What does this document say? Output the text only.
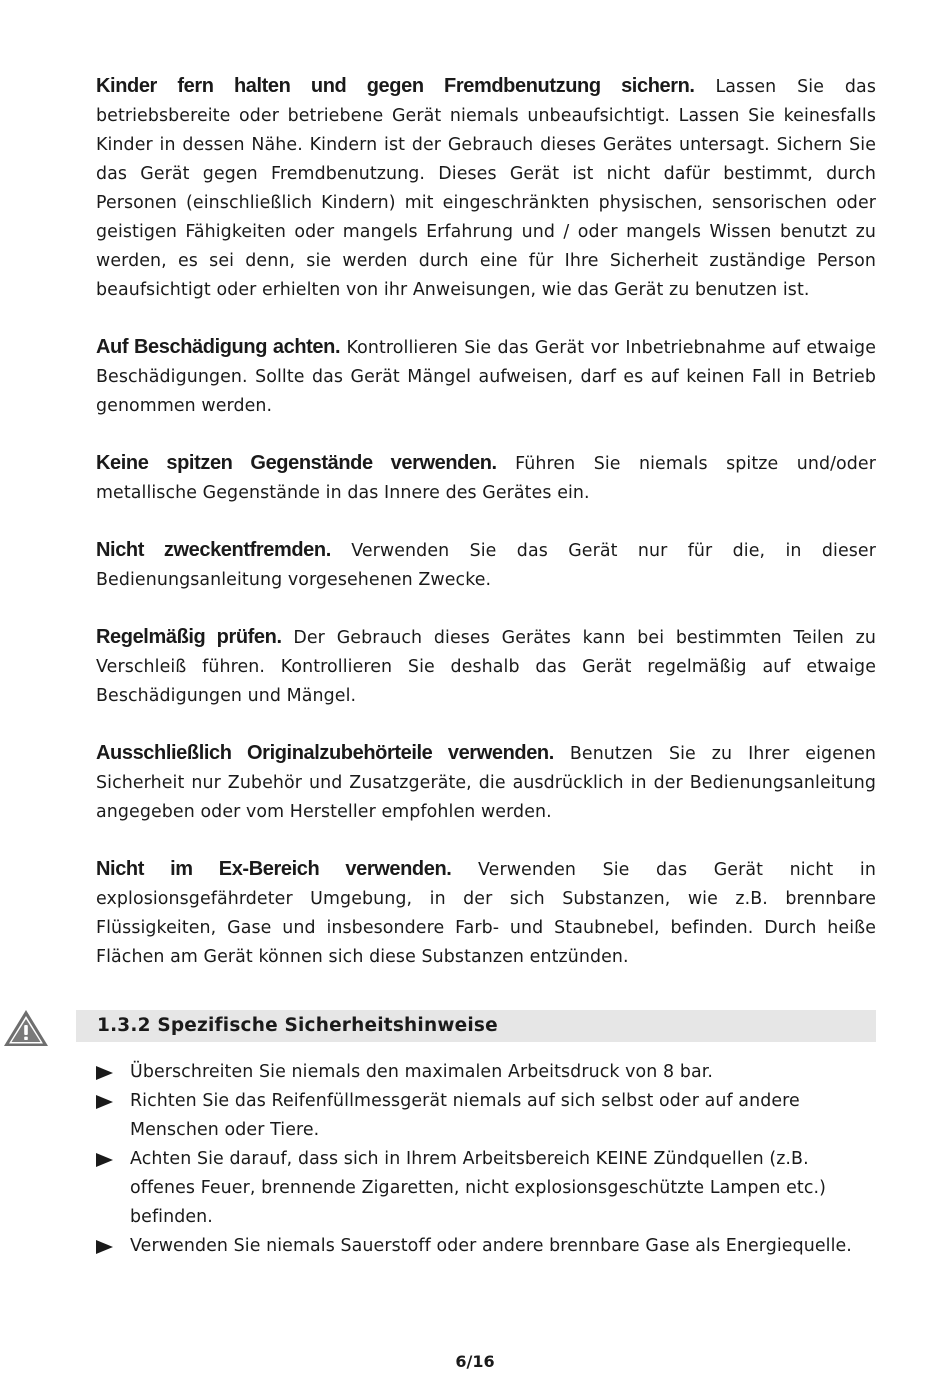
Kinder fern halten und gegen Fremdbenutzung sichern. Lassen Sie das betriebsbereite oder betriebene Gerät niemals unbeaufsichtigt. Lassen Sie keinesfalls Kinder in dessen Nähe. Kindern ist der Gebrauch dieses Gerätes untersagt. Sichern Sie das Gerät gegen Fremdbenutzung. Dieses Gerät ist nicht dafür bestimmt, durch Personen (einschließlich Kindern) mit eingeschränkten physischen, sensorischen oder geistigen Fähigkeiten oder mangels Erfahrung und / oder mangels Wissen benutzt zu werden, es sei denn, sie werden durch eine für Ihre Sicherheit zuständige Person beaufsichtigt oder erhielten von ihr Anweisungen, wie das Gerät zu benutzen ist.

Auf Beschädigung achten. Kontrollieren Sie das Gerät vor Inbetriebnahme auf etwaige Beschädigungen. Sollte das Gerät Mängel aufweisen, darf es auf keinen Fall in Betrieb genommen werden.

Keine spitzen Gegenstände verwenden. Führen Sie niemals spitze und/oder metallische Gegenstände in das Innere des Gerätes ein.

Nicht zweckentfremden. Verwenden Sie das Gerät nur für die, in dieser Bedienungsanleitung vorgesehenen Zwecke.

Regelmäßig prüfen. Der Gebrauch dieses Gerätes kann bei bestimmten Teilen zu Verschleiß führen. Kontrollieren Sie deshalb das Gerät regelmäßig auf etwaige Beschädigungen und Mängel.

Ausschließlich Originalzubehörteile verwenden. Benutzen Sie zu Ihrer eigenen Sicherheit nur Zubehör und Zusatzgeräte, die ausdrücklich in der Bedienungsanleitung angegeben oder vom Hersteller empfohlen werden.

Nicht im Ex-Bereich verwenden. Verwenden Sie das Gerät nicht in explosionsgefährdeter Umgebung, in der sich Substanzen, wie z.B. brennbare Flüssigkeiten, Gase und insbesondere Farb- und Staubnebel, befinden. Durch heiße Flächen am Gerät können sich diese Substanzen entzünden.

1.3.2 Spezifische Sicherheitshinweise
Überschreiten Sie niemals den maximalen Arbeitsdruck von 8 bar.
Richten Sie das Reifenfüllmessgerät niemals auf sich selbst oder auf andere Menschen oder Tiere.
Achten Sie darauf, dass sich in Ihrem Arbeitsbereich KEINE Zündquellen (z.B. offenes Feuer, brennende Zigaretten, nicht explosionsgeschützte Lampen etc.) befinden.
Verwenden Sie niemals Sauerstoff oder andere brennbare Gase als Energiequelle.
6/16
